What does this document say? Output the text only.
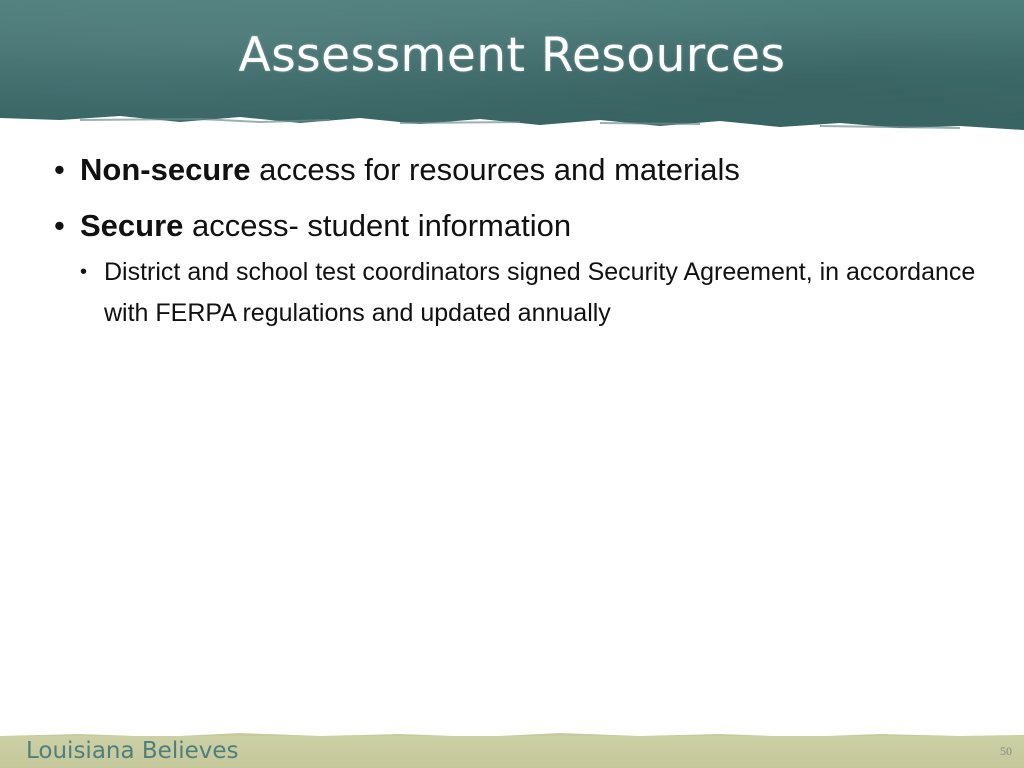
Assessment Resources
• Non-secure access for resources and materials
• Secure access- student information
• District and school test coordinators signed Security Agreement, in accordance with FERPA regulations and updated annually
Louisiana Believes	50
